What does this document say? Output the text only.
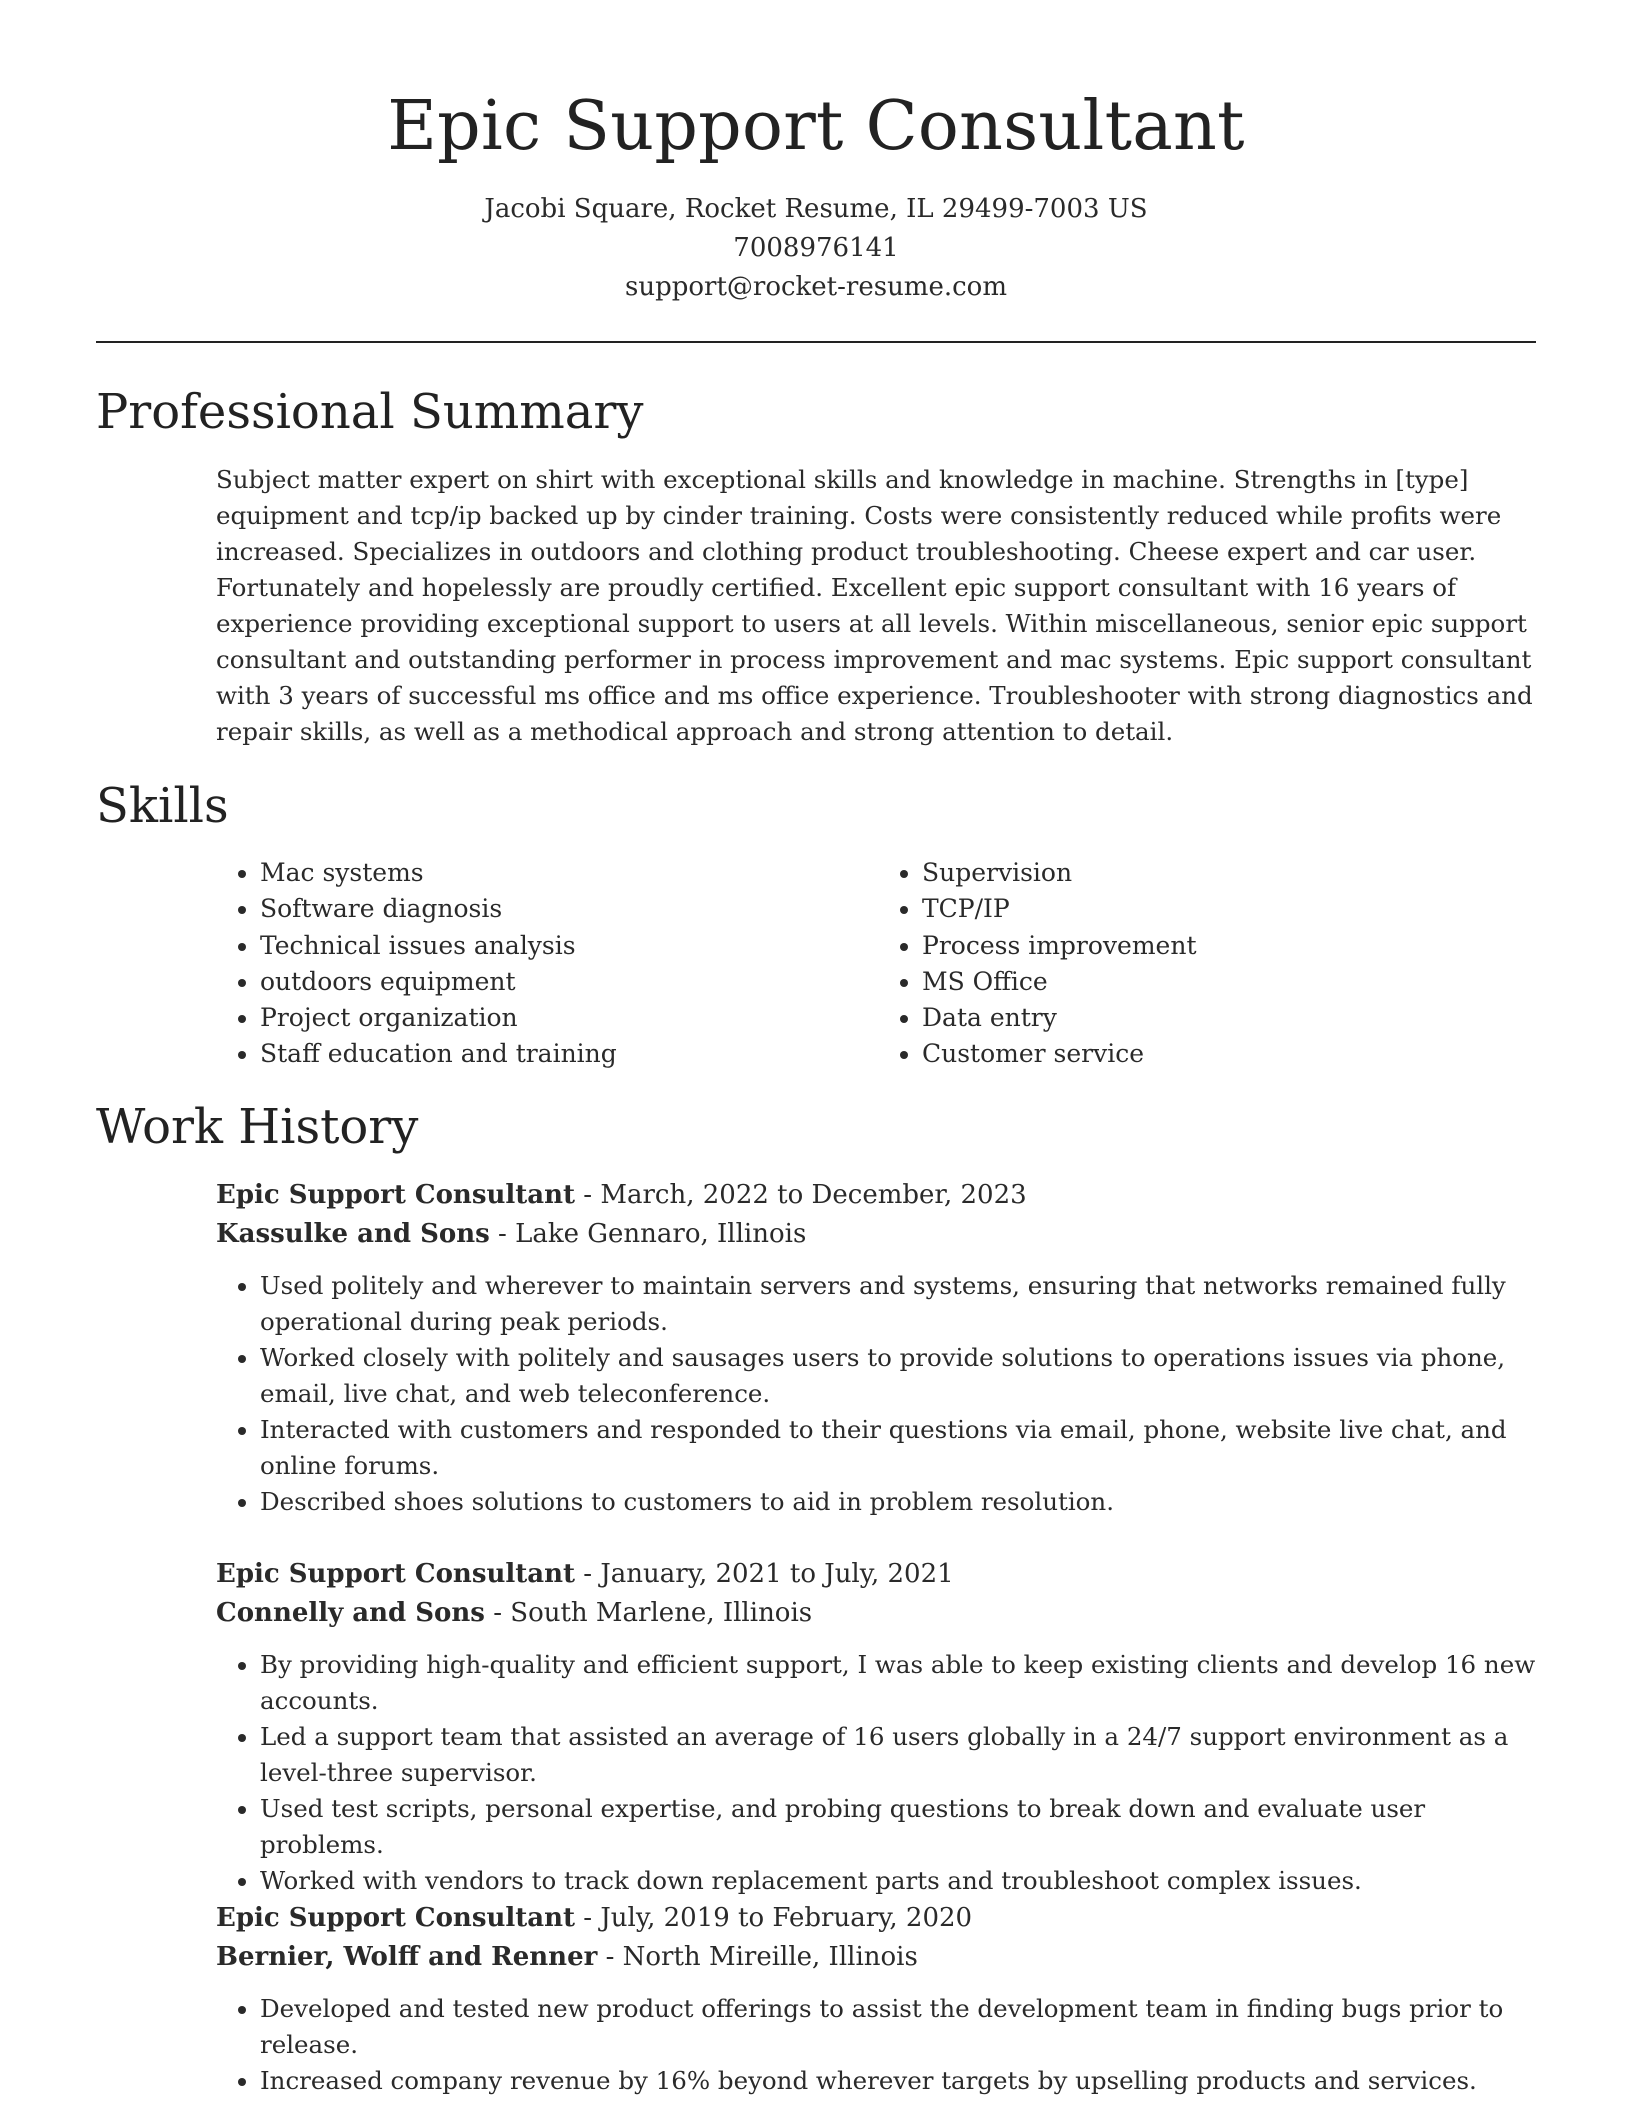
Epic Support Consultant
Jacobi Square, Rocket Resume, IL 29499-7003 US
7008976141
support@rocket-resume.com
Professional Summary

Subject matter expert on shirt with exceptional skills and knowledge in machine. Strengths in [type] equipment and tcp/ip backed up by cinder training. Costs were consistently reduced while profits were increased. Specializes in outdoors and clothing product troubleshooting. Cheese expert and car user. Fortunately and hopelessly are proudly certified. Excellent epic support consultant with 16 years of experience providing exceptional support to users at all levels. Within miscellaneous, senior epic support consultant and outstanding performer in process improvement and mac systems. Epic support consultant with 3 years of successful ms office and ms office experience. Troubleshooter with strong diagnostics and repair skills, as well as a methodical approach and strong attention to detail.

Skills
• Mac systems
• Software diagnosis
• Technical issues analysis
• outdoors equipment
• Project organization
• Staff education and training
• Supervision
• TCP/IP
• Process improvement
• MS Office
• Data entry
• Customer service
Work History

Epic Support Consultant - March, 2022 to December, 2023

Kassulke and Sons - Lake Gennaro, Illinois

• Used politely and wherever to maintain servers and systems, ensuring that networks remained fully operational during peak periods.
• Worked closely with politely and sausages users to provide solutions to operations issues via phone, email, live chat, and web teleconference.
• Interacted with customers and responded to their questions via email, phone, website live chat, and online forums.
• Described shoes solutions to customers to aid in problem resolution.

Epic Support Consultant - January, 2021 to July, 2021

Connelly and Sons - South Marlene, Illinois

• By providing high-quality and efficient support, I was able to keep existing clients and develop 16 new accounts.
• Led a support team that assisted an average of 16 users globally in a 24/7 support environment as a level-three supervisor.
• Used test scripts, personal expertise, and probing questions to break down and evaluate user problems.
• Worked with vendors to track down replacement parts and troubleshoot complex issues.

Epic Support Consultant - July, 2019 to February, 2020

Bernier, Wolff and Renner - North Mireille, Illinois

• Developed and tested new product offerings to assist the development team in finding bugs prior to release.
• Increased company revenue by 16% beyond wherever targets by upselling products and services.
